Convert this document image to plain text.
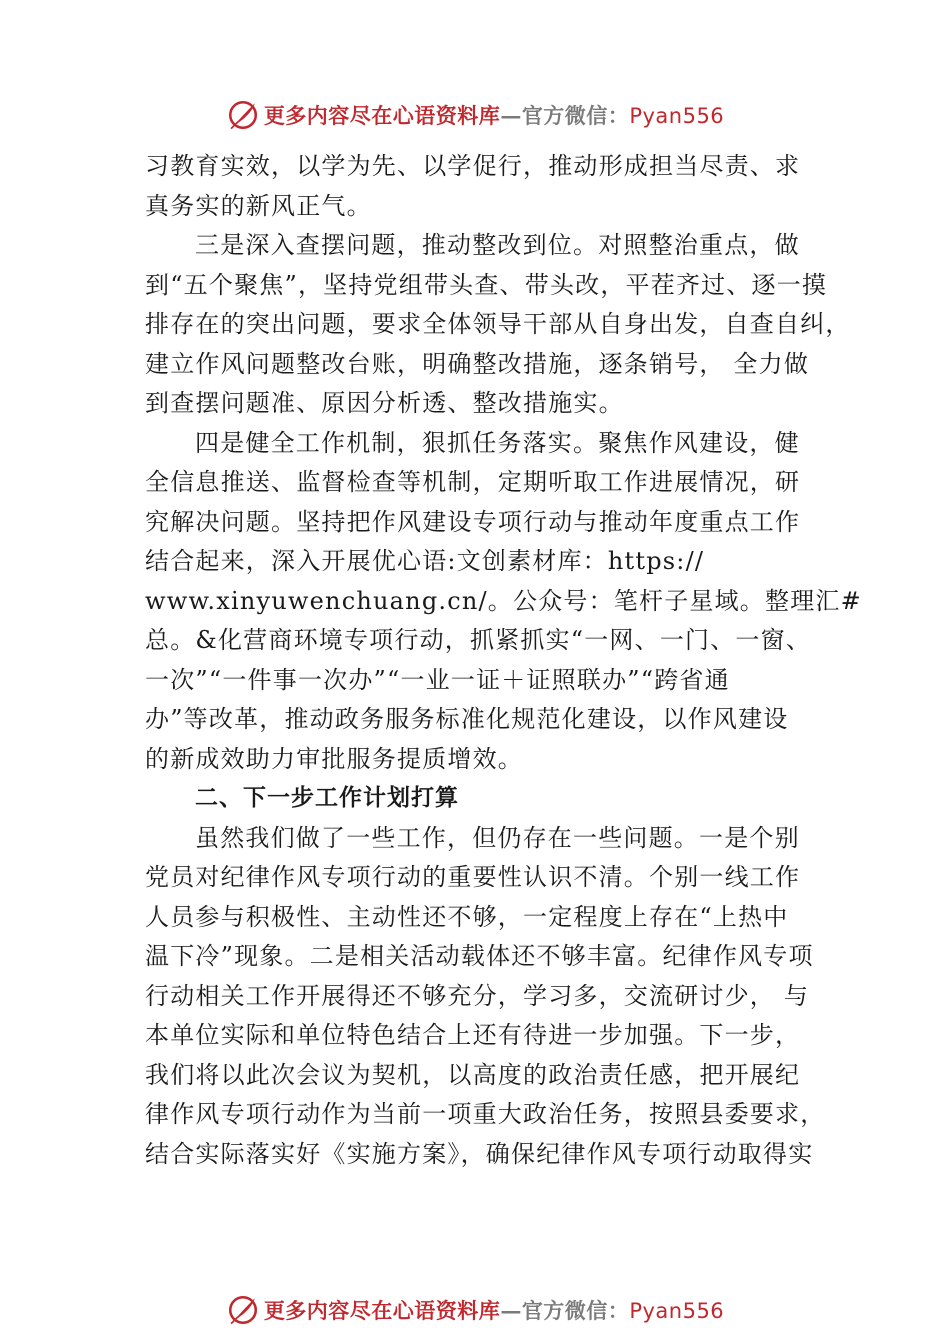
更多内容尽在心语资料库—官方微信：Pyan556
习教育实效，以学为先、以学促行，推动形成担当尽责、求
真务实的新风正气。
三是深入查摆问题，推动整改到位。对照整治重点，做
到“五个聚焦”，坚持党组带头查、带头改，平茬齐过、逐一摸
排存在的突出问题，要求全体领导干部从自身出发，自查自纠，
建立作风问题整改台账，明确整改措施，逐条销号， 全力做
到查摆问题准、原因分析透、整改措施实。
四是健全工作机制，狠抓任务落实。聚焦作风建设，健
全信息推送、监督检查等机制，定期听取工作进展情况，研
究解决问题。坚持把作风建设专项行动与推动年度重点工作
结合起来，深入开展优心语:文创素材库：https://
www.xinyuwenchuang.cn/。公众号：笔杆子星域。整理汇#
总。&化营商环境专项行动，抓紧抓实“一网、一门、一窗、
一次”“一件事一次办”“一业一证＋证照联办”“跨省通
办”等改革，推动政务服务标准化规范化建设，以作风建设
的新成效助力审批服务提质增效。
二、下一步工作计划打算
虽然我们做了一些工作，但仍存在一些问题。一是个别
党员对纪律作风专项行动的重要性认识不清。个别一线工作
人员参与积极性、主动性还不够，一定程度上存在“上热中
温下冷”现象。二是相关活动载体还不够丰富。纪律作风专项
行动相关工作开展得还不够充分，学习多，交流研讨少， 与
本单位实际和单位特色结合上还有待进一步加强。下一步，
我们将以此次会议为契机，以高度的政治责任感，把开展纪
律作风专项行动作为当前一项重大政治任务，按照县委要求，
结合实际落实好《实施方案》，确保纪律作风专项行动取得实
更多内容尽在心语资料库—官方微信：Pyan556
